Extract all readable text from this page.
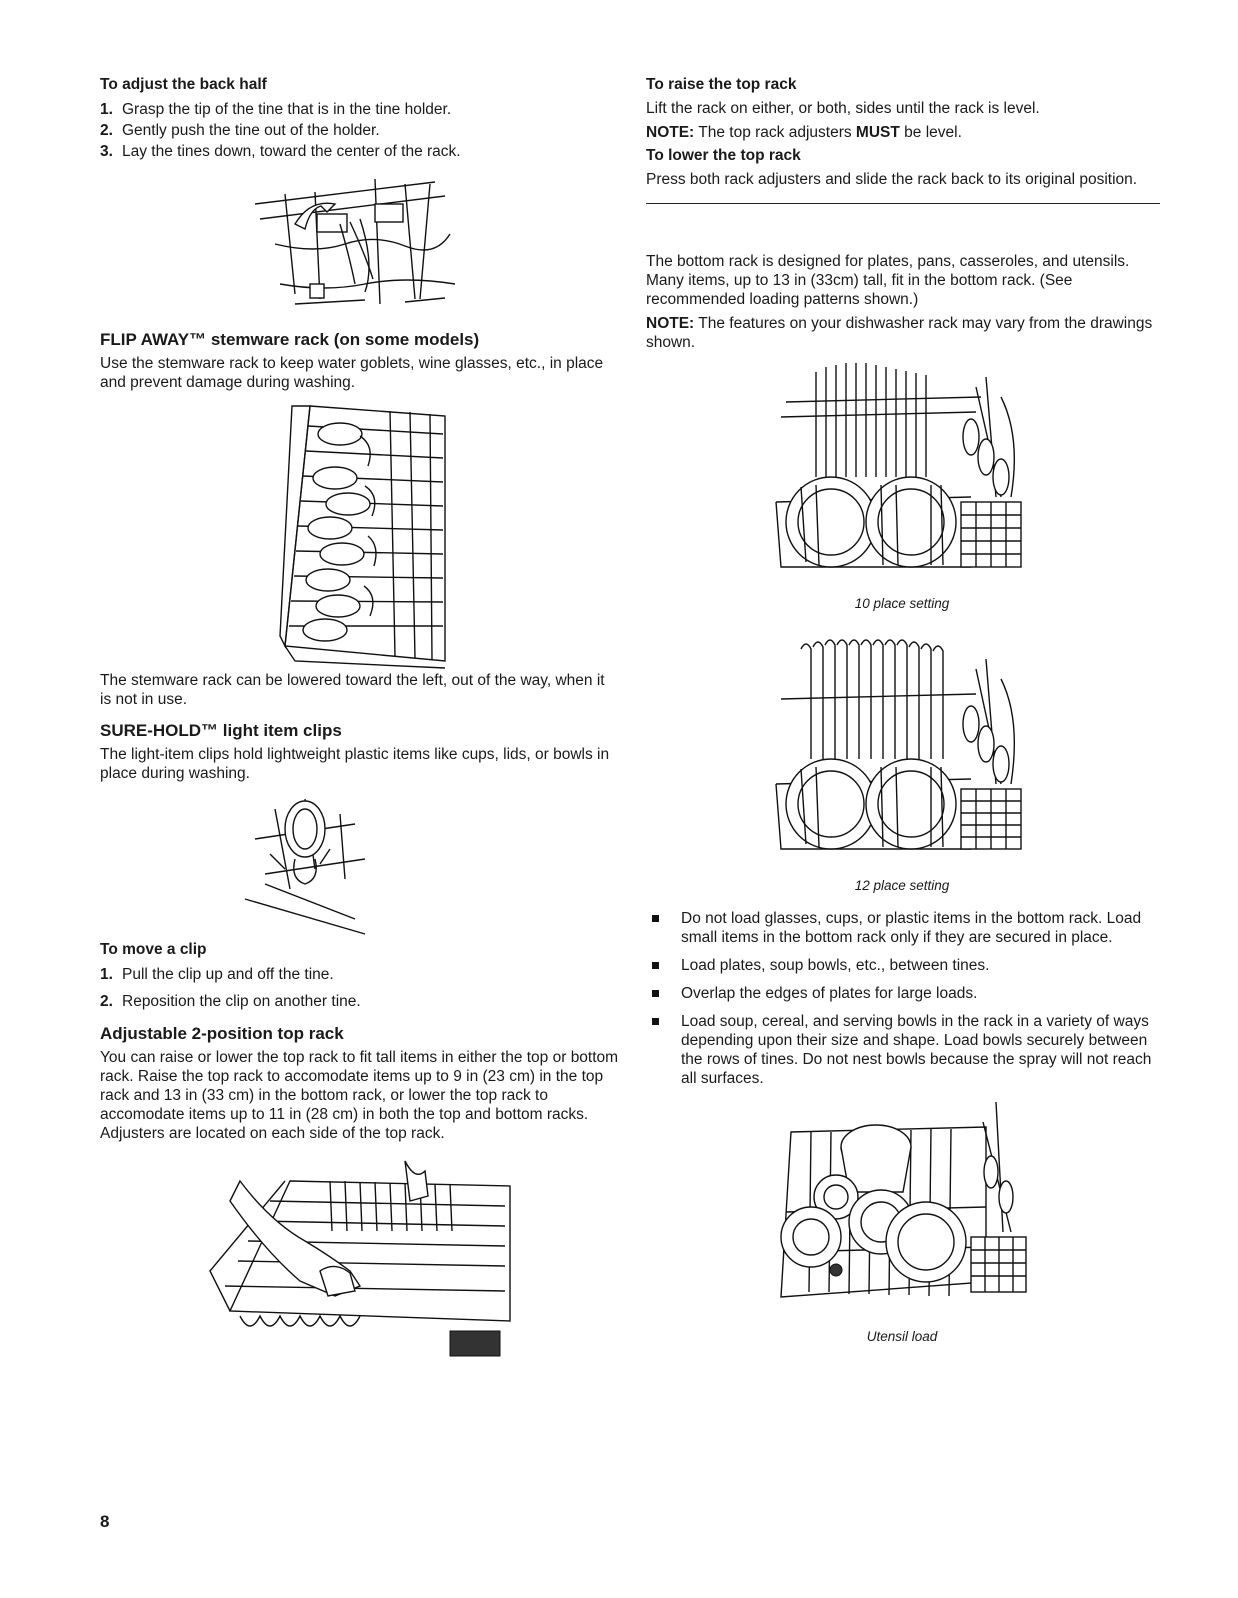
To adjust the back half
1. Grasp the tip of the tine that is in the tine holder.
2. Gently push the tine out of the holder.
3. Lay the tines down, toward the center of the rack.
FLIP AWAY™ stemware rack (on some models)

Use the stemware rack to keep water goblets, wine glasses, etc., in place and prevent damage during washing.

The stemware rack can be lowered toward the left, out of the way, when it is not in use.

SURE-HOLD™ light item clips

The light-item clips hold lightweight plastic items like cups, lids, or bowls in place during washing.

To move a clip
1. Pull the clip up and off the tine.
2. Reposition the clip on another tine.
Adjustable 2-position top rack

You can raise or lower the top rack to fit tall items in either the top or bottom rack. Raise the top rack to accomodate items up to 9 in (23 cm) in the top rack and 13 in (33 cm) in the bottom rack, or lower the top rack to accomodate items up to 11 in (28 cm) in both the top and bottom racks. Adjusters are located on each side of the top rack.

To raise the top rack

Lift the rack on either, or both, sides until the rack is level.

NOTE: The top rack adjusters MUST be level.

To lower the top rack

Press both rack adjusters and slide the rack back to its original position.

The bottom rack is designed for plates, pans, casseroles, and utensils. Many items, up to 13 in (33cm) tall, fit in the bottom rack. (See recommended loading patterns shown.)

NOTE: The features on your dishwasher rack may vary from the drawings shown.

10 place setting
12 place setting
Do not load glasses, cups, or plastic items in the bottom rack. Load small items in the bottom rack only if they are secured in place.
Load plates, soup bowls, etc., between tines.
Overlap the edges of plates for large loads.
Load soup, cereal, and serving bowls in the rack in a variety of ways depending upon their size and shape. Load bowls securely between the rows of tines. Do not nest bowls because the spray will not reach all surfaces.
Utensil load
8
